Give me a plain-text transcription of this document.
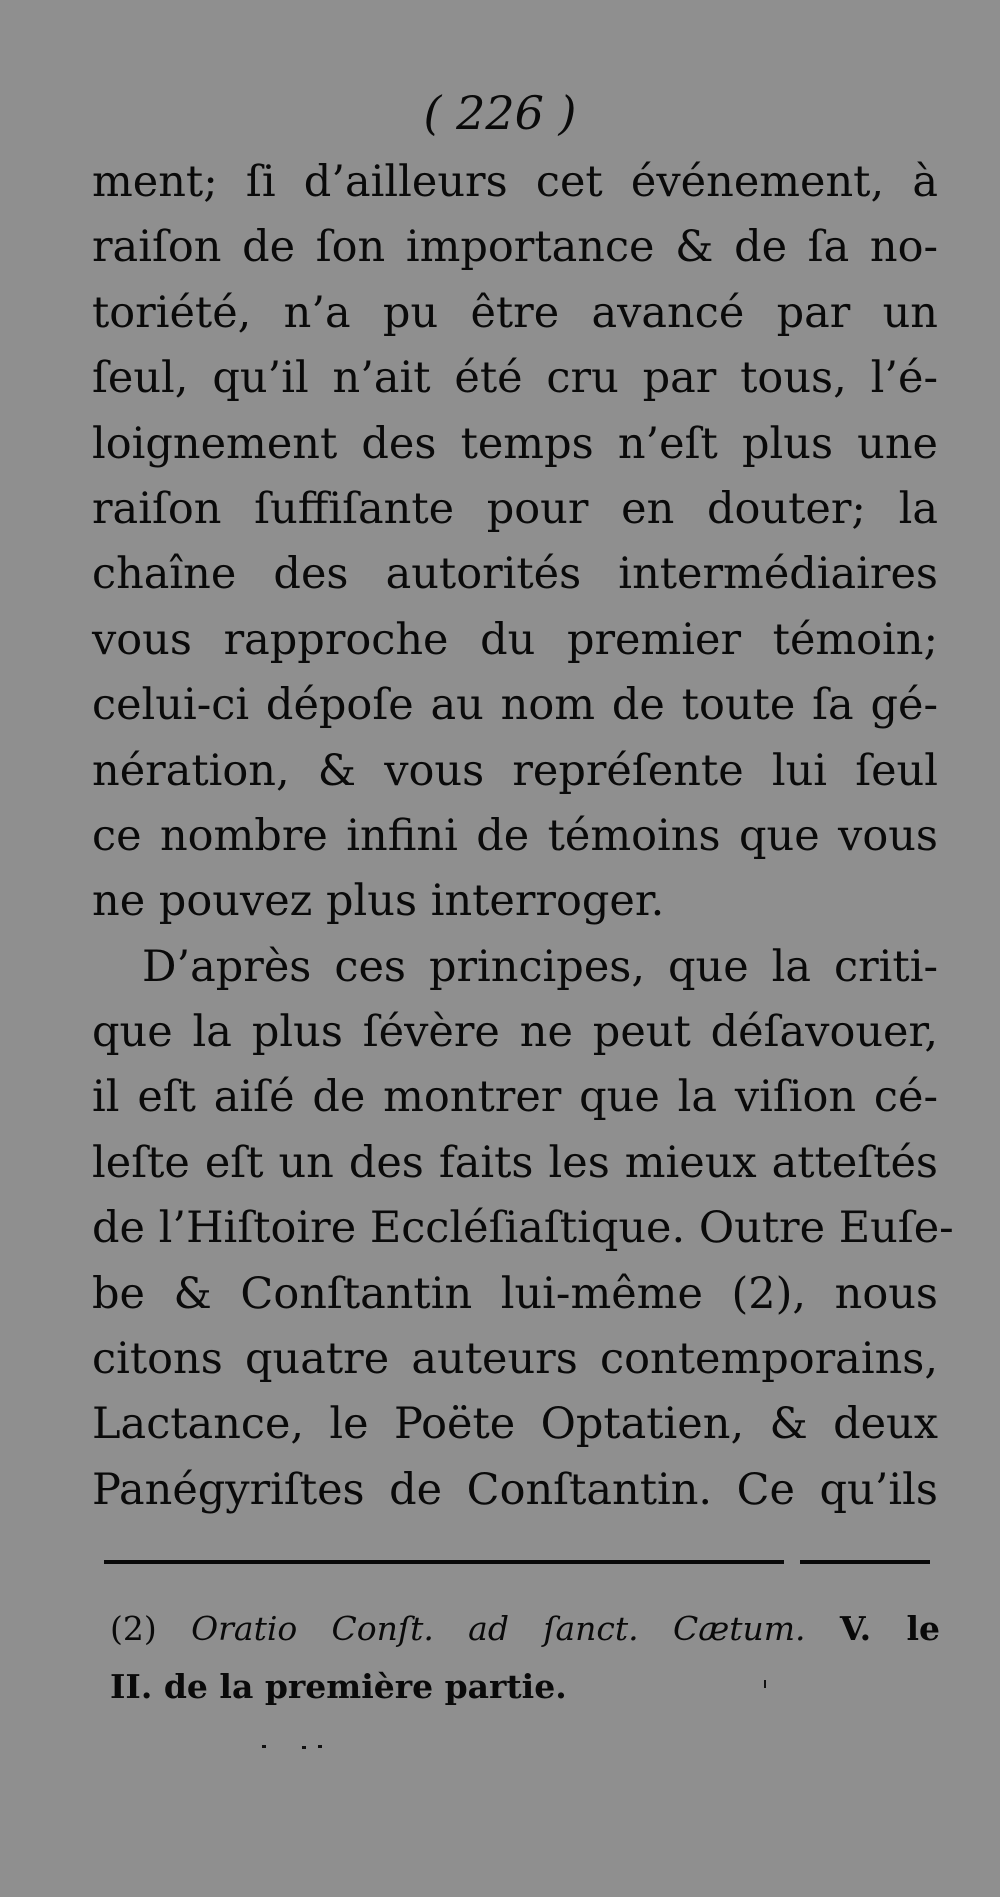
( 226 )
ment; ſi d’ailleurs cet événement, à
raiſon de ſon importance & de ſa no-
toriété, n’a pu être avancé par un
ſeul, qu’il n’ait été cru par tous, l’é-
loignement des temps n’eſt plus une
raiſon ſuffiſante pour en douter; la
chaîne des autorités intermédiaires
vous rapproche du premier témoin;
celui-ci dépoſe au nom de toute ſa gé-
nération, & vous repréſente lui ſeul
ce nombre infini de témoins que vous
ne pouvez plus interroger.
D’après ces principes, que la criti-
que la plus ſévère ne peut déſavouer,
il eſt aiſé de montrer que la viſion cé-
leſte eſt un des faits les mieux atteſtés
de l’Hiſtoire Eccléſiaſtique. Outre Euſe-
be & Conſtantin lui-même (2), nous
citons quatre auteurs contemporains,
Lactance, le Poëte Optatien, & deux
Panégyriſtes de Conſtantin. Ce qu’ils
(2) Oratio Conſt. ad ſanct. Cætum. V. le
II. de la première partie.
